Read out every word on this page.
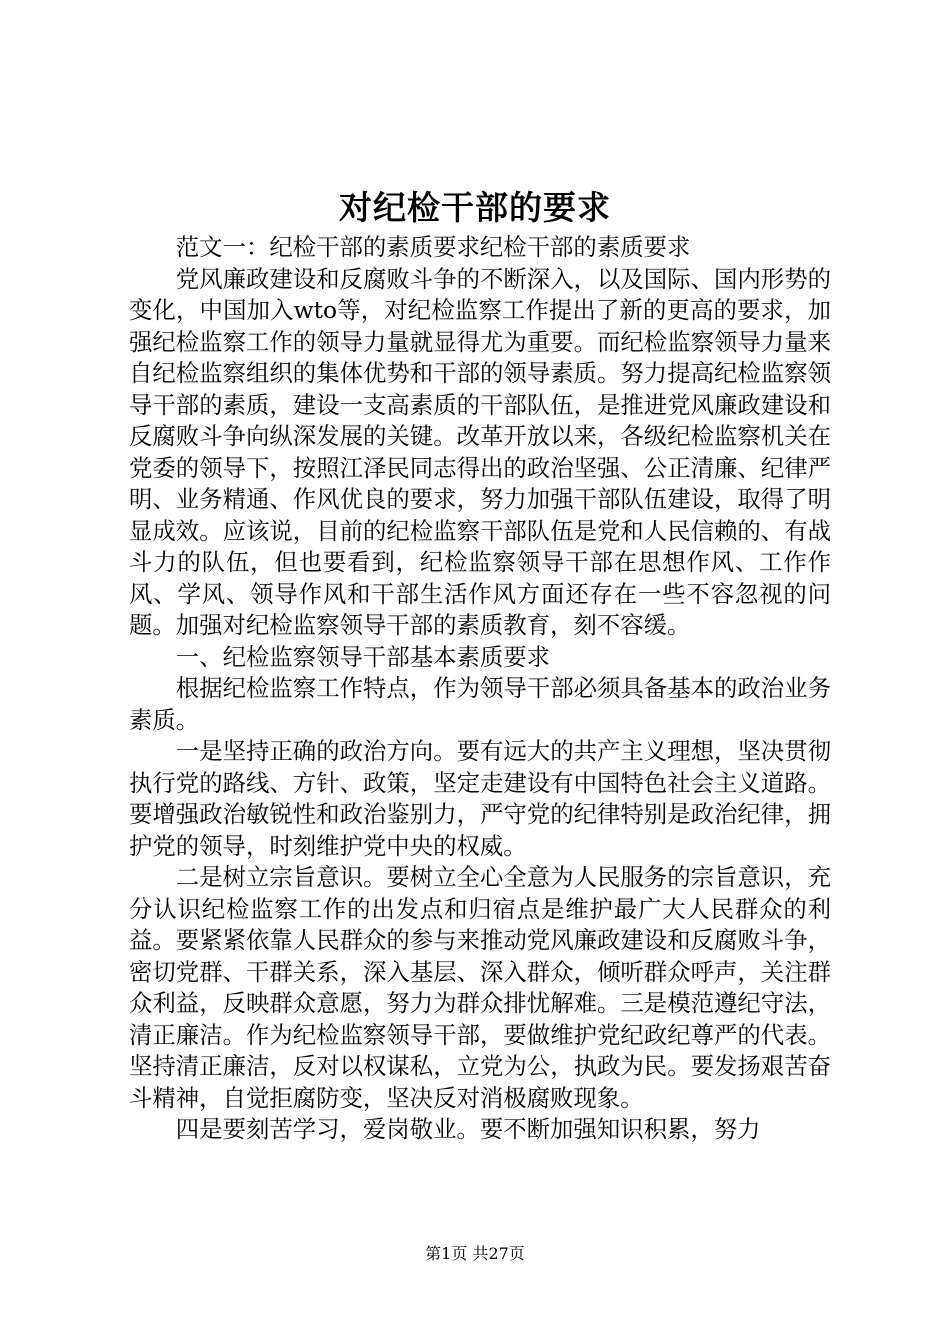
对纪检干部的要求

范文一：纪检干部的素质要求纪检干部的素质要求

党风廉政建设和反腐败斗争的不断深入，以及国际、国内形势的变化，中国加入wto等，对纪检监察工作提出了新的更高的要求，加强纪检监察工作的领导力量就显得尤为重要。而纪检监察领导力量来自纪检监察组织的集体优势和干部的领导素质。努力提高纪检监察领导干部的素质，建设一支高素质的干部队伍，是推进党风廉政建设和反腐败斗争向纵深发展的关键。改革开放以来，各级纪检监察机关在党委的领导下，按照江泽民同志得出的政治坚强、公正清廉、纪律严明、业务精通、作风优良的要求，努力加强干部队伍建设，取得了明显成效。应该说，目前的纪检监察干部队伍是党和人民信赖的、有战斗力的队伍，但也要看到，纪检监察领导干部在思想作风、工作作风、学风、领导作风和干部生活作风方面还存在一些不容忽视的问题。加强对纪检监察领导干部的素质教育，刻不容缓。

一、纪检监察领导干部基本素质要求

根据纪检监察工作特点，作为领导干部必须具备基本的政治业务素质。

一是坚持正确的政治方向。要有远大的共产主义理想，坚决贯彻执行党的路线、方针、政策，坚定走建设有中国特色社会主义道路。要增强政治敏锐性和政治鉴别力，严守党的纪律特别是政治纪律，拥护党的领导，时刻维护党中央的权威。

二是树立宗旨意识。要树立全心全意为人民服务的宗旨意识，充分认识纪检监察工作的出发点和归宿点是维护最广大人民群众的利益。要紧紧依靠人民群众的参与来推动党风廉政建设和反腐败斗争，密切党群、干群关系，深入基层、深入群众，倾听群众呼声，关注群众利益，反映群众意愿，努力为群众排忧解难。三是模范遵纪守法，清正廉洁。作为纪检监察领导干部，要做维护党纪政纪尊严的代表。坚持清正廉洁，反对以权谋私，立党为公，执政为民。要发扬艰苦奋斗精神，自觉拒腐防变，坚决反对消极腐败现象。

四是要刻苦学习，爱岗敬业。要不断加强知识积累，努力

第1页 共27页
